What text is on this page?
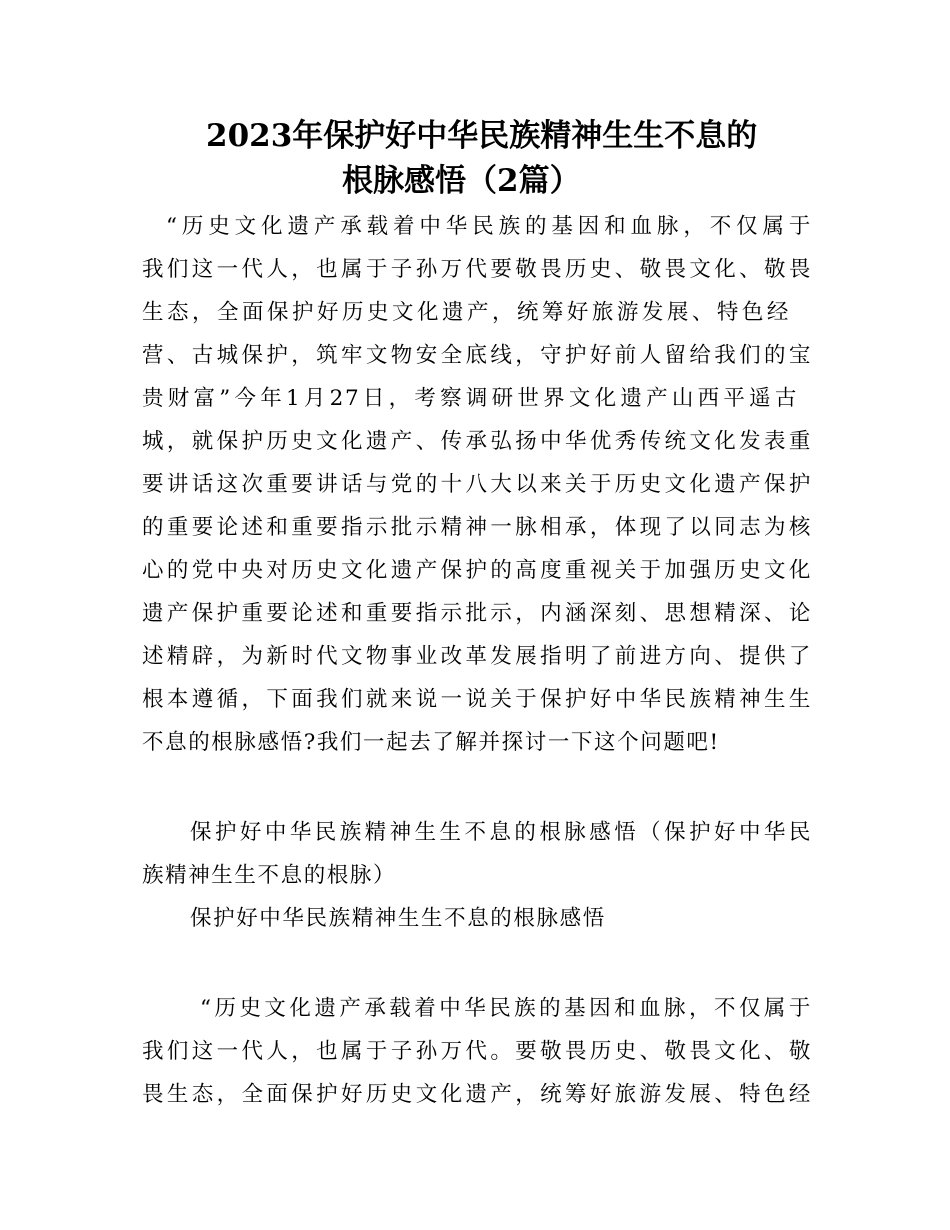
2023年保护好中华民族精神生生不息的
根脉感悟（2篇）
“历史文化遗产承载着中华民族的基因和血脉，不仅属于
我们这一代人，也属于子孙万代要敬畏历史、敬畏文化、敬畏
生态，全面保护好历史文化遗产，统筹好旅游发展、特色经
营、古城保护，筑牢文物安全底线，守护好前人留给我们的宝
贵财富”今年1月27日，考察调研世界文化遗产山西平遥古
城，就保护历史文化遗产、传承弘扬中华优秀传统文化发表重
要讲话这次重要讲话与党的十八大以来关于历史文化遗产保护
的重要论述和重要指示批示精神一脉相承，体现了以同志为核
心的党中央对历史文化遗产保护的高度重视关于加强历史文化
遗产保护重要论述和重要指示批示，内涵深刻、思想精深、论
述精辟，为新时代文物事业改革发展指明了前进方向、提供了
根本遵循，下面我们就来说一说关于保护好中华民族精神生生
不息的根脉感悟?我们一起去了解并探讨一下这个问题吧!
保护好中华民族精神生生不息的根脉感悟（保护好中华民
族精神生生不息的根脉）
保护好中华民族精神生生不息的根脉感悟
“历史文化遗产承载着中华民族的基因和血脉，不仅属于
我们这一代人，也属于子孙万代。要敬畏历史、敬畏文化、敬
畏生态，全面保护好历史文化遗产，统筹好旅游发展、特色经
